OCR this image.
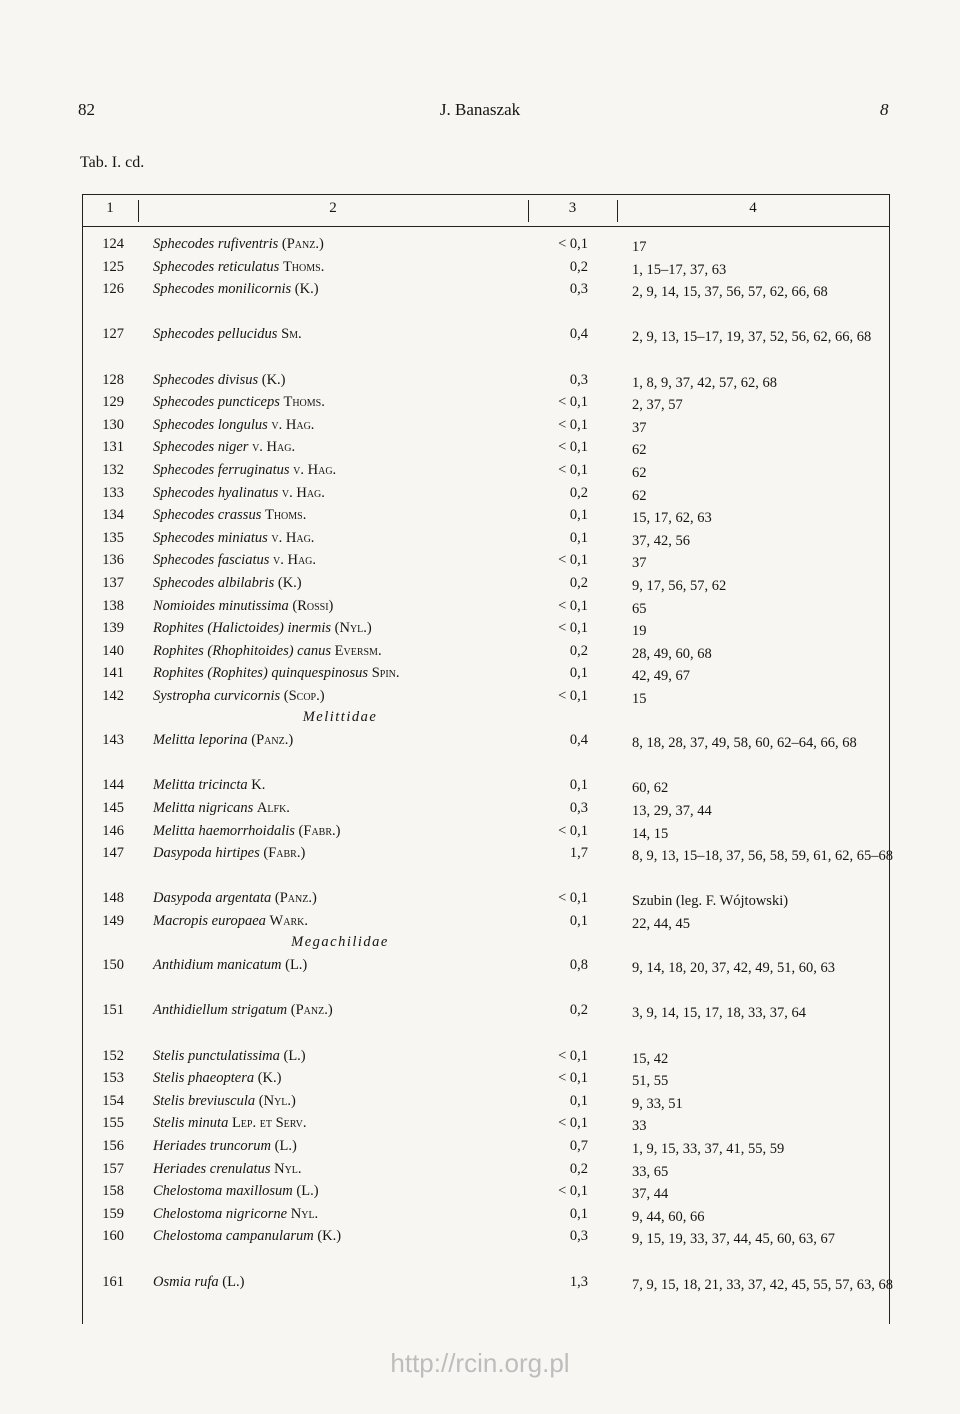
82	J. Banaszak	8
Tab. I. cd.
1	2	3	4
124 Sphecodes rufiventris (Panz.)	< 0,1	17
125 Sphecodes reticulatus Thoms.	0,2	1, 15–17, 37, 63
126 Sphecodes monilicornis (K.)	0,3	2, 9, 14, 15, 37, 56, 57, 62, 66, 68
127 Sphecodes pellucidus Sm.	0,4	2, 9, 13, 15–17, 19, 37, 52, 56, 62, 66, 68
128 Sphecodes divisus (K.)	0,3	1, 8, 9, 37, 42, 57, 62, 68
129 Sphecodes puncticeps Thoms.	< 0,1	2, 37, 57
130 Sphecodes longulus v. Hag.	< 0,1	37
131 Sphecodes niger v. Hag.	< 0,1	62
132 Sphecodes ferruginatus v. Hag.	< 0,1	62
133 Sphecodes hyalinatus v. Hag.	0,2	62
134 Sphecodes crassus Thoms.	0,1	15, 17, 62, 63
135 Sphecodes miniatus v. Hag.	0,1	37, 42, 56
136 Sphecodes fasciatus v. Hag.	< 0,1	37
137 Sphecodes albilabris (K.)	0,2	9, 17, 56, 57, 62
138 Nomioides minutissima (Rossi)	< 0,1	65
139 Rophites (Halictoides) inermis (Nyl.)	< 0,1	19
140 Rophites (Rhophitoides) canus Eversm.	0,2	28, 49, 60, 68
141 Rophites (Rophites) quinquespinosus Spin.	0,1	42, 49, 67
142 Systropha curvicornis (Scop.)	< 0,1	15
Melittidae
143 Melitta leporina (Panz.)	0,4	8, 18, 28, 37, 49, 58, 60, 62–64, 66, 68
144 Melitta tricincta K.	0,1	60, 62
145 Melitta nigricans Alfk.	0,3	13, 29, 37, 44
146 Melitta haemorrhoidalis (Fabr.)	< 0,1	14, 15
147 Dasypoda hirtipes (Fabr.)	1,7	8, 9, 13, 15–18, 37, 56, 58, 59, 61, 62, 65–68
148 Dasypoda argentata (Panz.)	< 0,1	Szubin (leg. F. Wójtowski)
149 Macropis europaea Wark.	0,1	22, 44, 45
Megachilidae
150 Anthidium manicatum (L.)	0,8	9, 14, 18, 20, 37, 42, 49, 51, 60, 63
151 Anthidiellum strigatum (Panz.)	0,2	3, 9, 14, 15, 17, 18, 33, 37, 64
152 Stelis punctulatissima (L.)	< 0,1	15, 42
153 Stelis phaeoptera (K.)	< 0,1	51, 55
154 Stelis breviuscula (Nyl.)	0,1	9, 33, 51
155 Stelis minuta Lep. et Serv.	< 0,1	33
156 Heriades truncorum (L.)	0,7	1, 9, 15, 33, 37, 41, 55, 59
157 Heriades crenulatus Nyl.	0,2	33, 65
158 Chelostoma maxillosum (L.)	< 0,1	37, 44
159 Chelostoma nigricorne Nyl.	0,1	9, 44, 60, 66
160 Chelostoma campanularum (K.)	0,3	9, 15, 19, 33, 37, 44, 45, 60, 63, 67
161 Osmia rufa (L.)	1,3	7, 9, 15, 18, 21, 33, 37, 42, 45, 55, 57, 63, 68
http://rcin.org.pl
